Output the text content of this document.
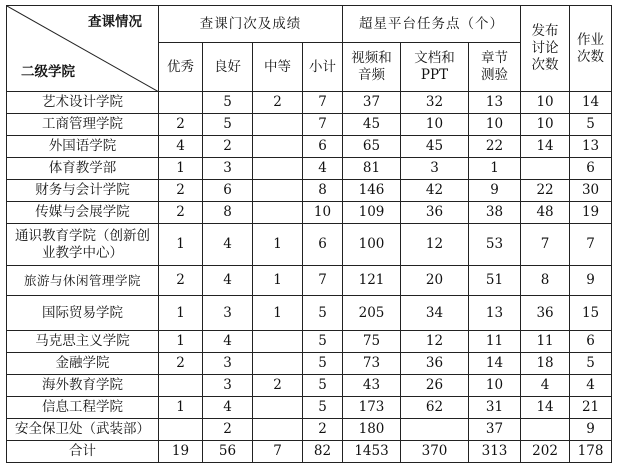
查课情况
二级学院	查课门次及成绩				超星平台任务点（个）			发布讨论次数	作业次数
	优秀	良好	中等	小计	视频和音频	文档和PPT	章节测验		
艺术设计学院		5	2	7	37	32	13	10	14
工商管理学院	2	5		7	45	10	10	10	5
外国语学院	4	2		6	65	45	22	14	13
体育教学部	1	3		4	81	3	1		6
财务与会计学院	2	6		8	146	42	9	22	30
传媒与会展学院	2	8		10	109	36	38	48	19
通识教育学院（创新创业教学中心）	1	4	1	6	100	12	53	7	7
旅游与休闲管理学院	2	4	1	7	121	20	51	8	9
国际贸易学院	1	3	1	5	205	34	13	36	15
马克思主义学院	1	4		5	75	12	11	11	6
金融学院	2	3		5	73	36	14	18	5
海外教育学院		3	2	5	43	26	10	4	4
信息工程学院	1	4		5	173	62	31	14	21
安全保卫处（武装部）		2		2	180		37		9
合计	19	56	7	82	1453	370	313	202	178
